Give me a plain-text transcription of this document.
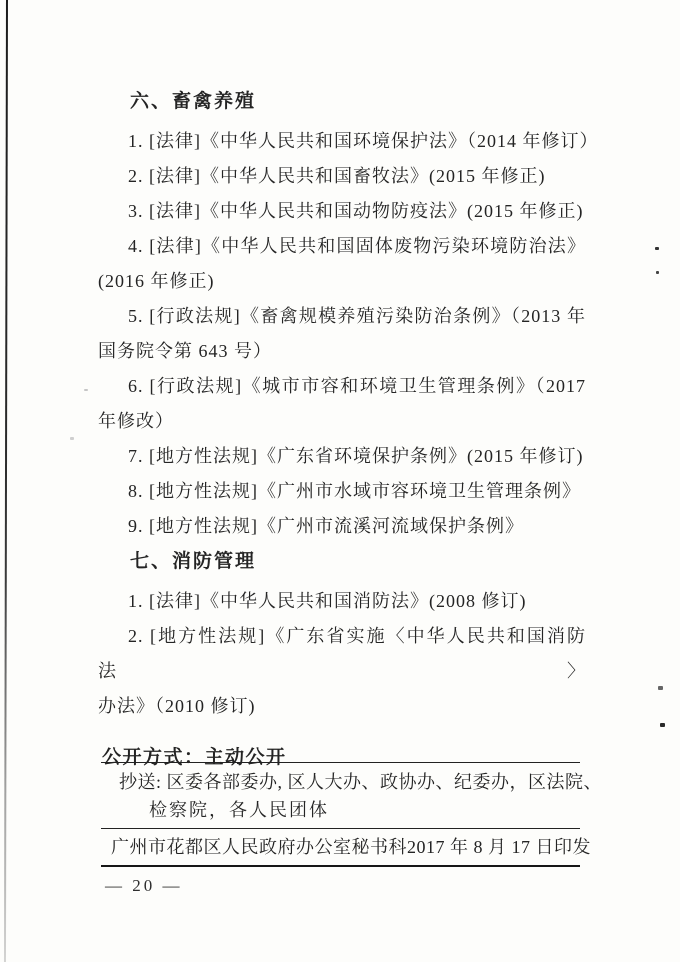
六、畜禽养殖
1. [法律]《中华人民共和国环境保护法》（2014 年修订）
2. [法律]《中华人民共和国畜牧法》(2015 年修正)
3. [法律]《中华人民共和国动物防疫法》(2015 年修正)
4. [法律]《中华人民共和国固体废物污染环境防治法》
(2016 年修正)
5. [行政法规]《畜禽规模养殖污染防治条例》（2013 年
国务院令第 643 号）
6. [行政法规]《城市市容和环境卫生管理条例》（2017
年修改）
7. [地方性法规]《广东省环境保护条例》(2015 年修订)
8. [地方性法规]《广州市水域市容环境卫生管理条例》
9. [地方性法规]《广州市流溪河流域保护条例》
七、消防管理
1. [法律]《中华人民共和国消防法》(2008 修订)
2. [地方性法规]《广东省实施〈中华人民共和国消防法〉
办法》（2010 修订)
公开方式：主动公开
抄送: 区委各部委办, 区人大办、政协办、纪委办，区法院、
检察院，各人民团体
广州市花都区人民政府办公室秘书科 2017 年 8 月 17 日印发
— 20 —
